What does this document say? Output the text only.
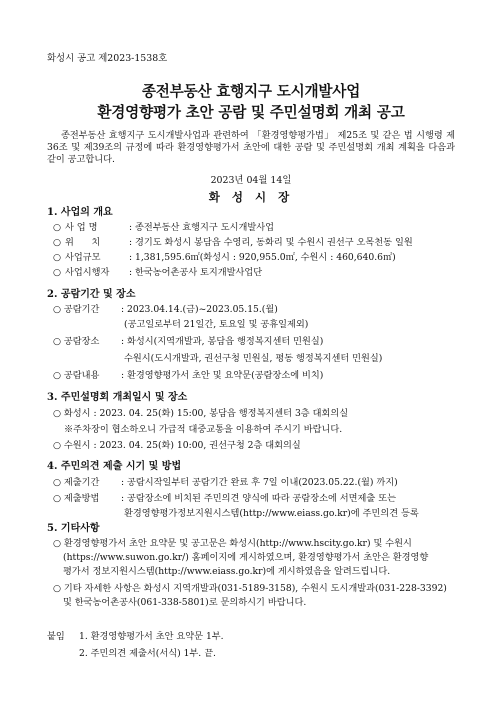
화성시 공고 제2023-1538호
종전부동산 효행지구 도시개발사업
환경영향평가 초안 공람 및 주민설명회 개최 공고
종전부동산 효행지구 도시개발사업과 관련하여 「환경영향평가법」 제25조 및 같은 법 시행령 제36조 및 제39조의 규정에 따라 환경영향평가서 초안에 대한 공람 및 주민설명회 개최 계획을 다음과 같이 공고합니다.
2023년 04월 14일
화 성 시 장
1. 사업의 개요
○ 사 업 명	: 종전부동산 효행지구 도시개발사업
○ 위      치	: 경기도 화성시 봉담읍 수영리, 동화리 및 수원시 권선구 오목천동 일원
○ 사업규모	: 1,381,595.6㎡(화성시 : 920,955.0㎡, 수원시 : 460,640.6㎡)
○ 사업시행자 : 한국농어촌공사 토지개발사업단
2. 공람기간 및 장소
○ 공람기간 : 2023.04.14.(금)~2023.05.15.(월)
(공고일로부터 21일간, 토요일 및 공휴일제외)
○ 공람장소 : 화성시(지역개발과, 봉담읍 행정복지센터 민원실)
수원시(도시개발과, 권선구청 민원실, 평동 행정복지센터 민원실)
○ 공람내용 : 환경영향평가서 초안 및 요약문(공람장소에 비치)
3. 주민설명회 개최일시 및 장소
○ 화성시 : 2023. 04. 25(화) 15:00, 봉담읍 행정복지센터 3층 대회의실
※주차장이 협소하오니 가급적 대중교통을 이용하여 주시기 바랍니다.
○ 수원시 : 2023. 04. 25(화) 10:00, 권선구청 2층 대회의실
4. 주민의견 제출 시기 및 방법
○ 제출기간 : 공람시작일부터 공람기간 완료 후 7일 이내(2023.05.22.(월) 까지)
○ 제출방법 : 공람장소에 비치된 주민의견 양식에 따라 공람장소에 서면제출 또는
환경영향평가정보지원시스템(http://www.eiass.go.kr)에 주민의견 등록
5. 기타사항
○ 환경영향평가서 초안 요약문 및 공고문은 화성시(http://www.hscity.go.kr) 및 수원시
(https://www.suwon.go.kr/) 홈페이지에 게시하였으며, 환경영향평가서 초안은 환경영향
평가서 정보지원시스템(http://www.eiass.go.kr)에 게시하였음을 알려드립니다.
○ 기타 자세한 사항은 화성시 지역개발과(031-5189-3158), 수원시 도시개발과(031-228-3392)
및 한국농어촌공사(061-338-5801)로 문의하시기 바랍니다.
붙임 1. 환경영향평가서 초안 요약문 1부.
2. 주민의견 제출서(서식) 1부. 끝.
